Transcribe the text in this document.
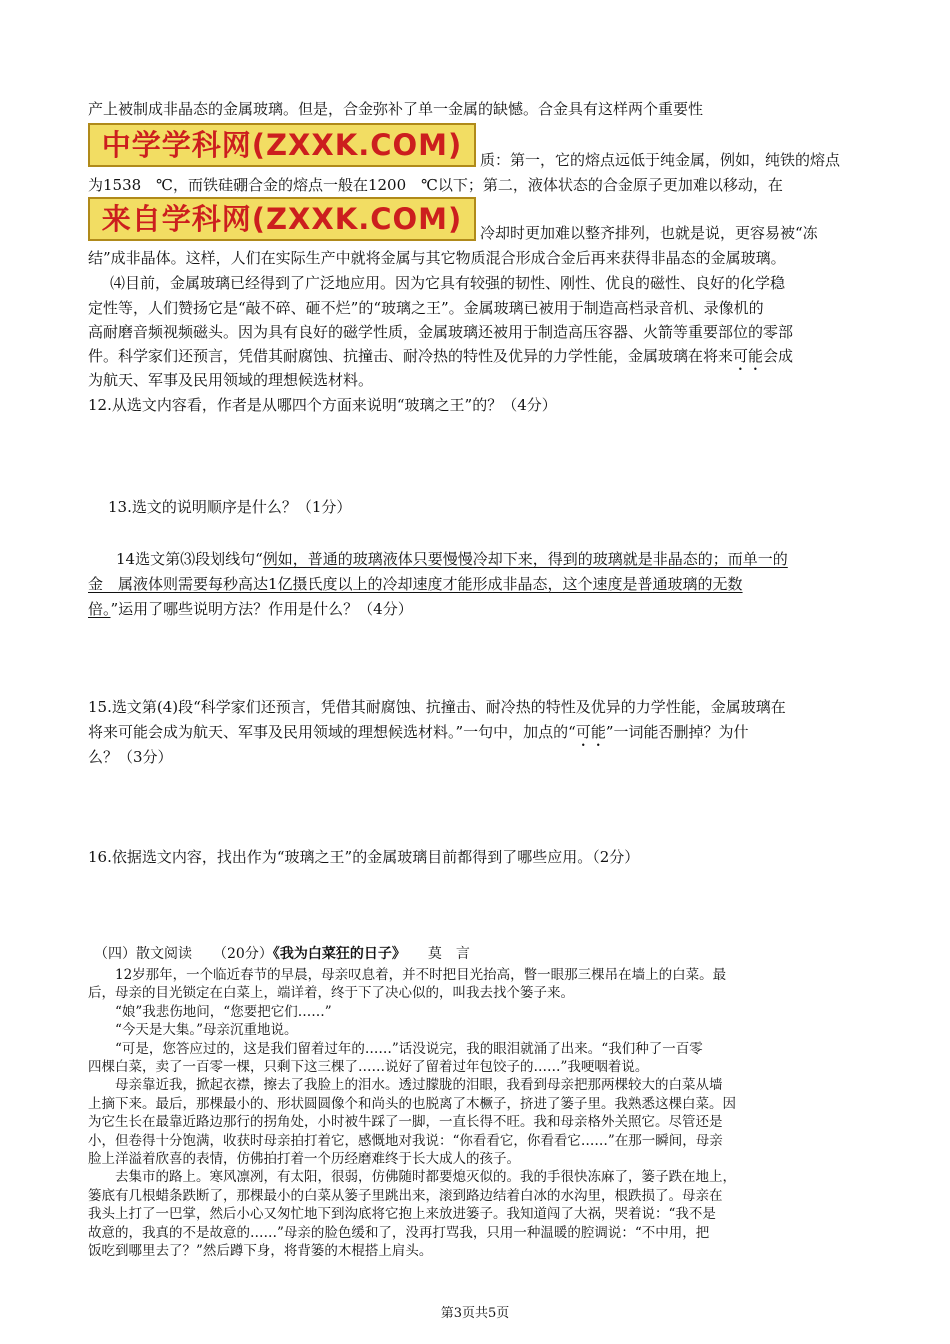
产上被制成非晶态的金属玻璃。但是，合金弥补了单一金属的缺憾。合金具有这样两个重要性
中学学科网(ZXXK.COM)	质：第一，它的熔点远低于纯金属，例如，纯铁的熔点
为1538　℃，而铁硅硼合金的熔点一般在1200　℃以下；第二，液体状态的合金原子更加难以移动，在
来自学科网(ZXXK.COM)	冷却时更加难以整齐排列，也就是说，更容易被“冻
结”成非晶体。这样，人们在实际生产中就将金属与其它物质混合形成合金后再来获得非晶态的金属玻璃。
⑷目前，金属玻璃已经得到了广泛地应用。因为它具有较强的韧性、刚性、优良的磁性、良好的化学稳
定性等，人们赞扬它是“敲不碎、砸不烂”的“玻璃之王”。金属玻璃已被用于制造高档录音机、录像机的
高耐磨音频视频磁头。因为具有良好的磁学性质，金属玻璃还被用于制造高压容器、火箭等重要部位的零部
件。科学家们还预言，凭借其耐腐蚀、抗撞击、耐冷热的特性及优异的力学性能，金属玻璃在将来可能会成
为航天、军事及民用领域的理想候选材料。
12.从选文内容看，作者是从哪四个方面来说明“玻璃之王”的？（4分）
13.选文的说明顺序是什么？（1分）
14选文第⑶段划线句“例如，普通的玻璃液体只要慢慢冷却下来，得到的玻璃就是非晶态的；而单一的
金　属液体则需要每秒高达1亿摄氏度以上的冷却速度才能形成非晶态，这个速度是普通玻璃的无数
倍。”运用了哪些说明方法？作用是什么？（4分）
15.选文第(4)段“科学家们还预言，凭借其耐腐蚀、抗撞击、耐冷热的特性及优异的力学性能，金属玻璃在
将来可能会成为航天、军事及民用领域的理想候选材料。”一句中，加点的“可能”一词能否删掉？为什
么？（3分）
16.依据选文内容，找出作为“玻璃之王”的金属玻璃目前都得到了哪些应用。（2分）
（四）散文阅读　　（20分）《我为白菜狂的日子》 莫　言
　　12岁那年，一个临近春节的早晨，母亲叹息着，并不时把目光抬高，瞥一眼那三棵吊在墙上的白菜。最
后，母亲的目光锁定在白菜上，端详着，终于下了决心似的，叫我去找个篓子来。
　　“娘”我悲伤地问，“您要把它们……”
　　“今天是大集。”母亲沉重地说。
　　“可是，您答应过的，这是我们留着过年的……”话没说完，我的眼泪就涌了出来。“我们种了一百零
四棵白菜，卖了一百零一棵，只剩下这三棵了……说好了留着过年包饺子的……”我哽咽着说。
　　母亲靠近我，掀起衣襟，擦去了我脸上的泪水。透过朦胧的泪眼，我看到母亲把那两棵较大的白菜从墙
上摘下来。最后，那棵最小的、形状圆圆像个和尚头的也脱离了木橛子，挤进了篓子里。我熟悉这棵白菜。因
为它生长在最靠近路边那行的拐角处，小时被牛踩了一脚，一直长得不旺。我和母亲格外关照它。尽管还是
小，但卷得十分饱满，收获时母亲拍打着它，感慨地对我说：“你看看它，你看看它……”在那一瞬间，母亲
脸上洋溢着欣喜的表情，仿佛拍打着一个历经磨难终于长大成人的孩子。
　　去集市的路上。寒风凛冽，有太阳，很弱，仿佛随时都要熄灭似的。我的手很快冻麻了，篓子跌在地上，
篓底有几根蜡条跌断了，那棵最小的白菜从篓子里跳出来，滚到路边结着白冰的水沟里，根跌损了。母亲在
我头上打了一巴掌，然后小心又匆忙地下到沟底将它抱上来放进篓子。我知道闯了大祸，哭着说：“我不是
故意的，我真的不是故意的……”母亲的脸色缓和了，没再打骂我，只用一种温暖的腔调说：“不中用，把
饭吃到哪里去了？”然后蹲下身，将背篓的木棍搭上肩头。
第3页共5页
